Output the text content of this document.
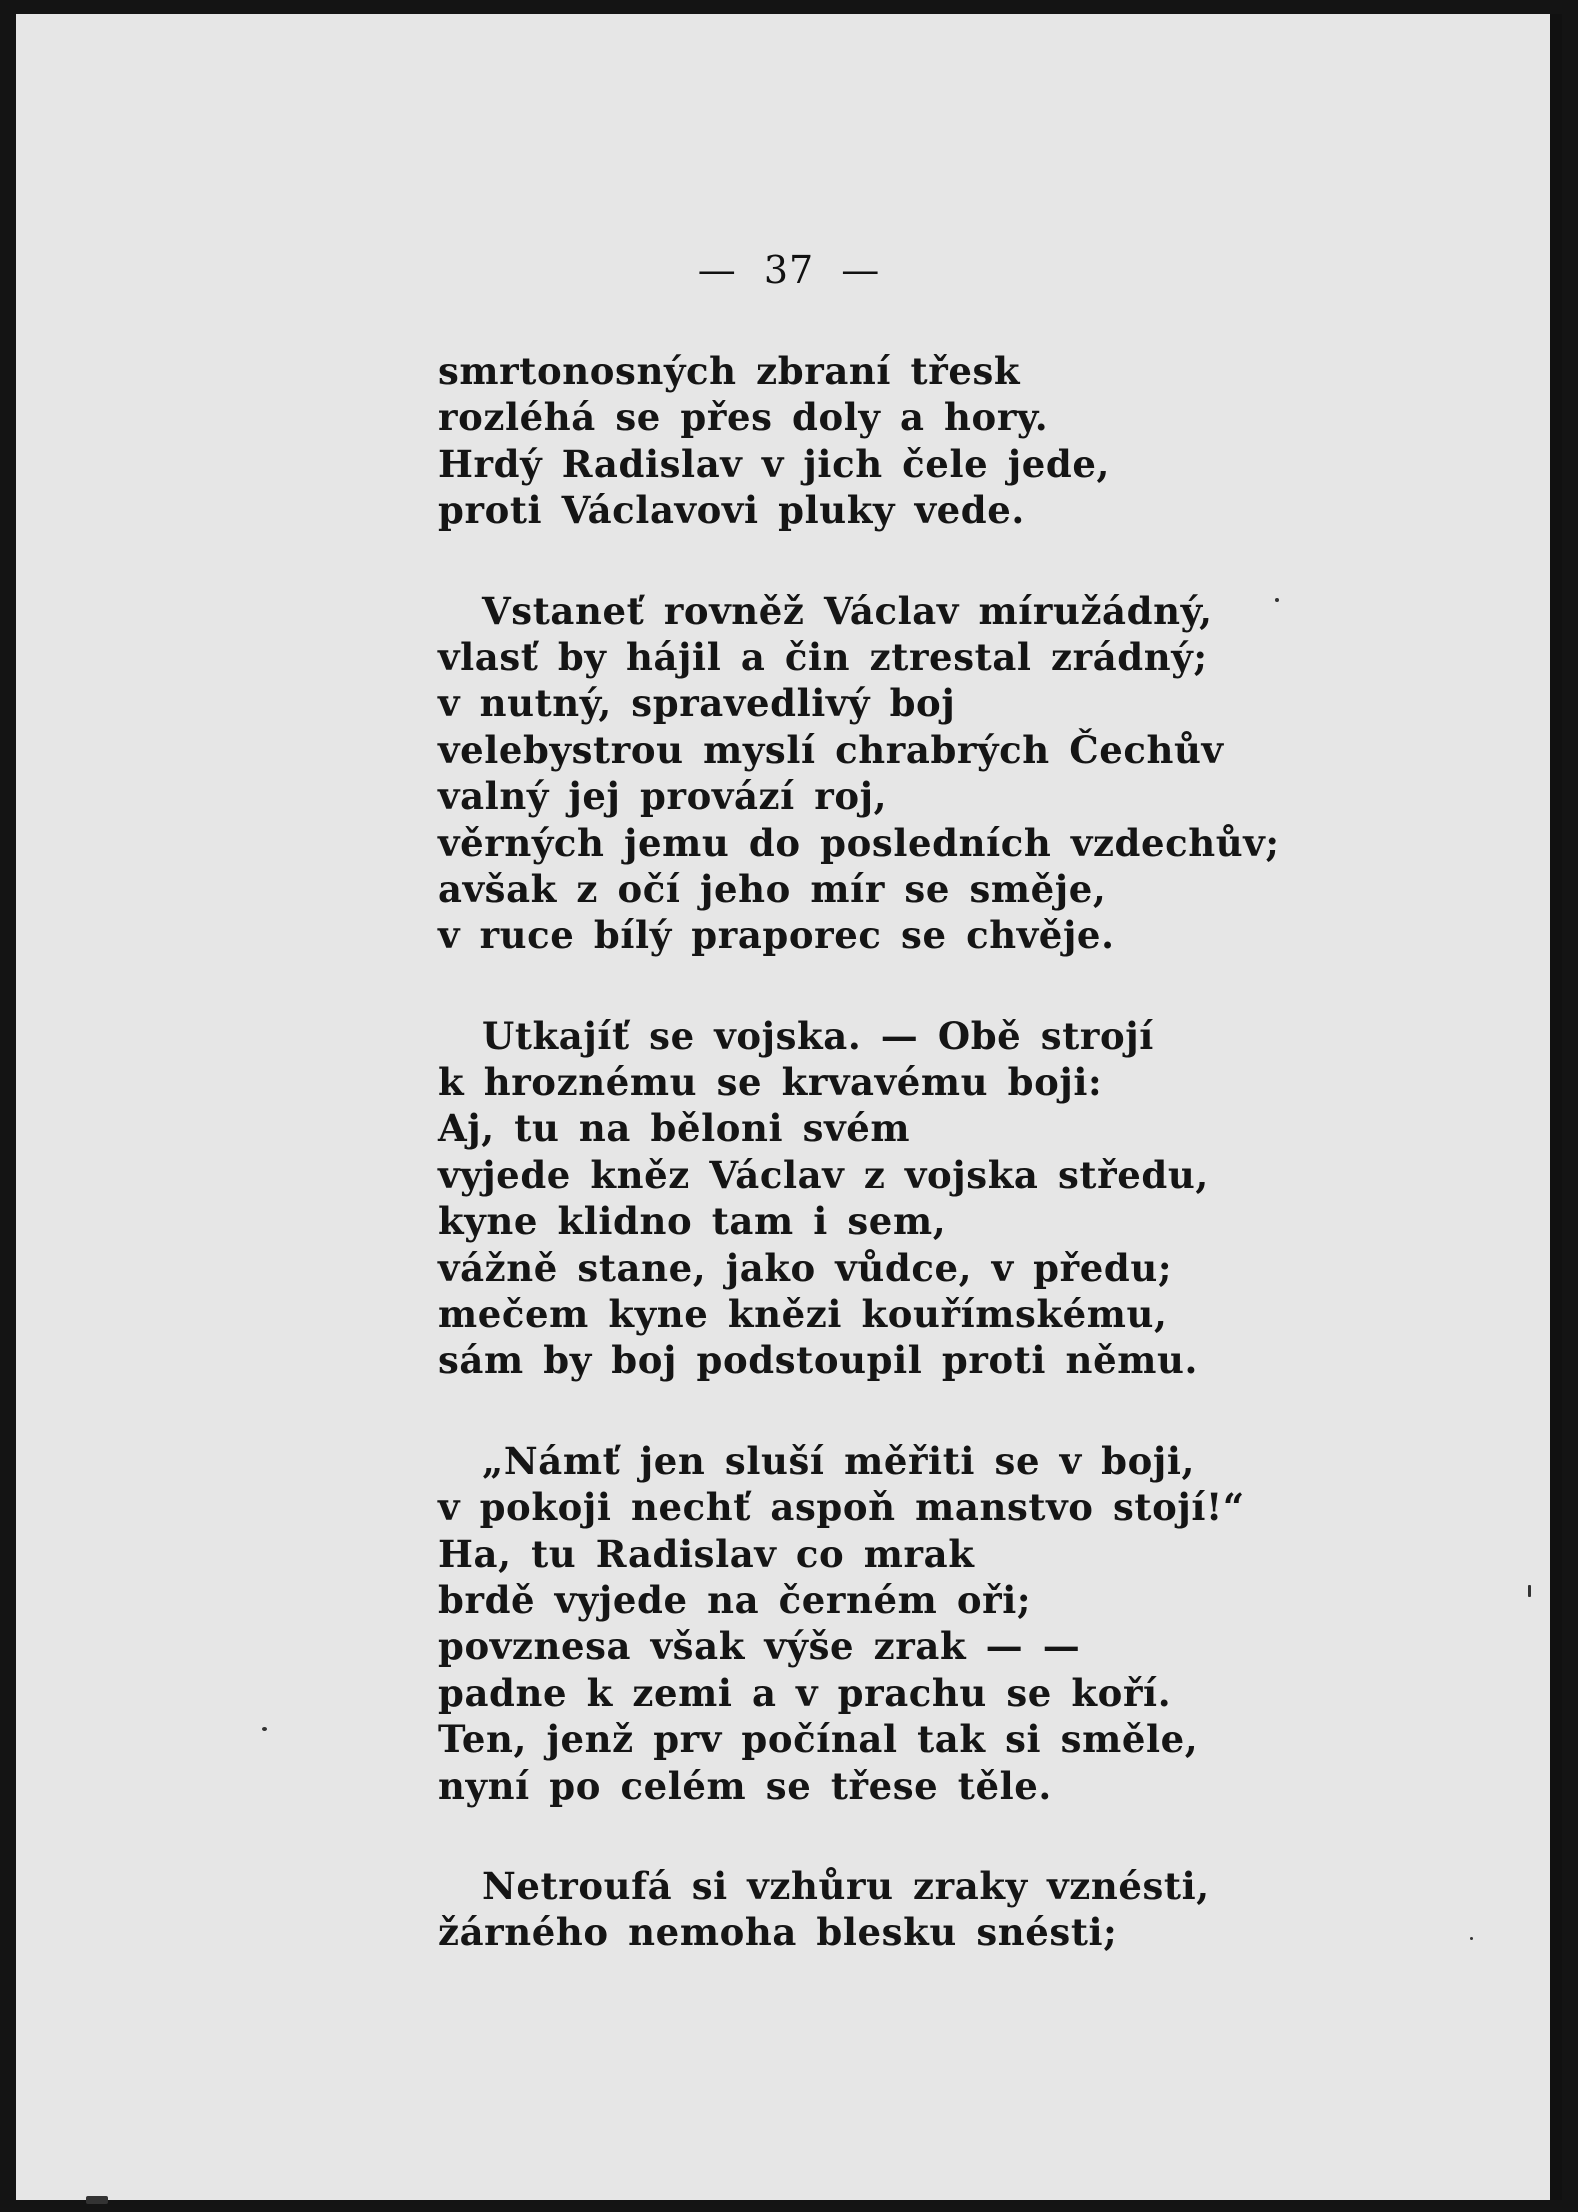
— 37 —
smrtonosných zbraní třesk
rozléhá se přes doly a hory.
Hrdý Radislav v jich čele jede,
proti Václavovi pluky vede.
Vstaneť rovněž Václav míružádný,
vlasť by hájil a čin ztrestal zrádný;
v nutný, spravedlivý boj
velebystrou myslí chrabrých Čechův
valný jej provází roj,
věrných jemu do posledních vzdechův;
avšak z očí jeho mír se směje,
v ruce bílý praporec se chvěje.
Utkajíť se vojska. — Obě strojí
k hroznému se krvavému boji:
Aj, tu na běloni svém
vyjede kněz Václav z vojska středu,
kyne klidno tam i sem,
vážně stane, jako vůdce, v předu;
mečem kyne knězi kouřímskému,
sám by boj podstoupil proti němu.
„Námť jen sluší měřiti se v boji,
v pokoji nechť aspoň manstvo stojí!“
Ha, tu Radislav co mrak
brdě vyjede na černém oři;
povznesa však výše zrak — —
padne k zemi a v prachu se koří.
Ten, jenž prv počínal tak si směle,
nyní po celém se třese těle.
Netroufá si vzhůru zraky vznésti,
žárného nemoha blesku snésti;
